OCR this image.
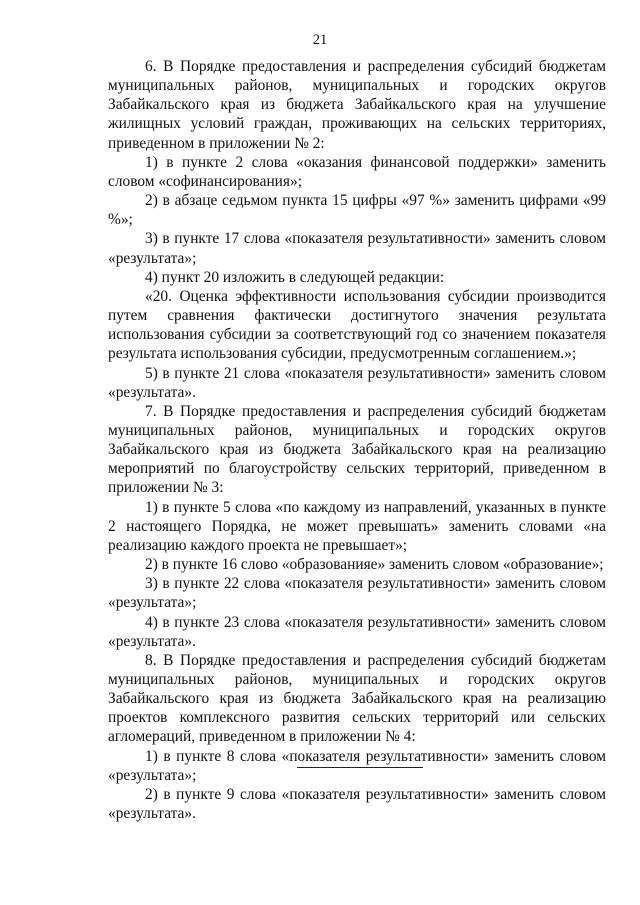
21

6. В Порядке предоставления и распределения субсидий бюджетам муниципальных районов, муниципальных и городских округов Забайкальского края из бюджета Забайкальского края на улучшение жилищных условий граждан, проживающих на сельских территориях, приведенном в приложении № 2:

1) в пункте 2 слова «оказания финансовой поддержки» заменить словом «софинансирования»;

2) в абзаце седьмом пункта 15 цифры «97 %» заменить цифрами «99 %»;

3) в пункте 17 слова «показателя результативности» заменить словом «результата»;

4) пункт 20 изложить в следующей редакции:

«20. Оценка эффективности использования субсидии производится путем сравнения фактически достигнутого значения результата использования субсидии за соответствующий год со значением показателя результата использования субсидии, предусмотренным соглашением.»;

5) в пункте 21 слова «показателя результативности» заменить словом «результата».

7. В Порядке предоставления и распределения субсидий бюджетам муниципальных районов, муниципальных и городских округов Забайкальского края из бюджета Забайкальского края на реализацию мероприятий по благоустройству сельских территорий, приведенном в приложении № 3:

1) в пункте 5 слова «по каждому из направлений, указанных в пункте 2 настоящего Порядка, не может превышать» заменить словами «на реализацию каждого проекта не превышает»;

2) в пункте 16 слово «образованияе» заменить словом «образование»;

3) в пункте 22 слова «показателя результативности» заменить словом «результата»;

4) в пункте 23 слова «показателя результативности» заменить словом «результата».

8. В Порядке предоставления и распределения субсидий бюджетам муниципальных районов, муниципальных и городских округов Забайкальского края из бюджета Забайкальского края на реализацию проектов комплексного развития сельских территорий или сельских агломераций, приведенном в приложении № 4:

1) в пункте 8 слова «показателя результативности» заменить словом «результата»;

2) в пункте 9 слова «показателя результативности» заменить словом «результата».
